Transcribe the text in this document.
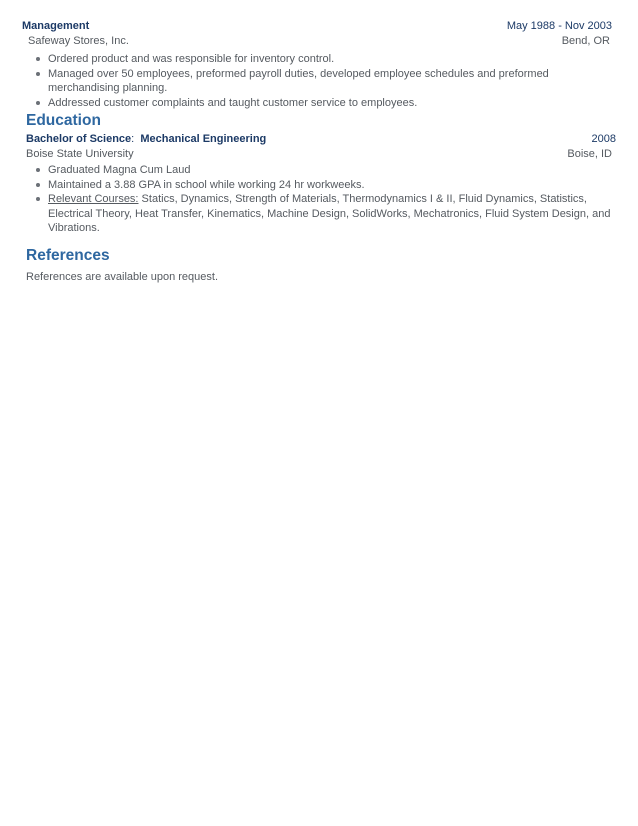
Management	May 1988 - Nov 2003
Safeway Stores, Inc.	Bend, OR
Ordered product and was responsible for inventory control.
Managed over 50 employees, preformed payroll duties, developed employee schedules and preformed merchandising planning.
Addressed customer complaints and taught customer service to employees.
Education
Bachelor of Science: Mechanical Engineering	2008
Boise State University	Boise, ID
Graduated Magna Cum Laud
Maintained a 3.88 GPA in school while working 24 hr workweeks.
Relevant Courses: Statics, Dynamics, Strength of Materials, Thermodynamics I & II, Fluid Dynamics, Statistics, Electrical Theory, Heat Transfer, Kinematics, Machine Design, SolidWorks, Mechatronics, Fluid System Design, and Vibrations.
References
References are available upon request.
